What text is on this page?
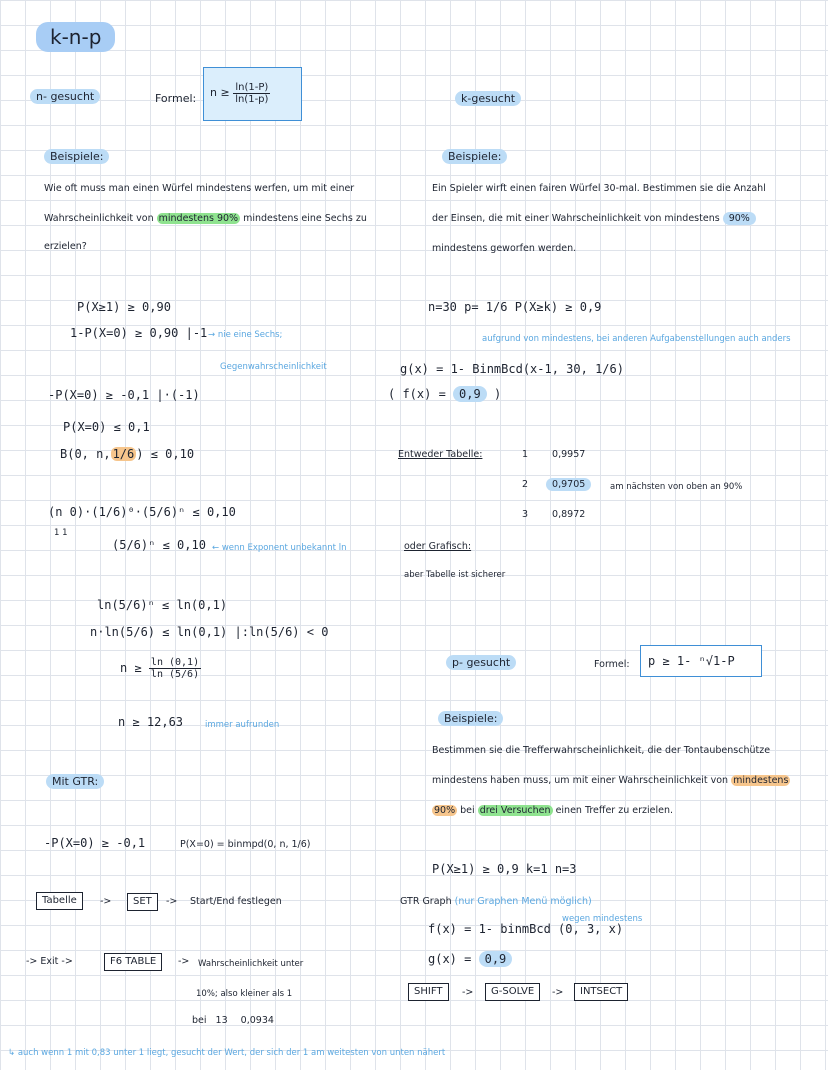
k-n-p
n- gesucht	Formel: $n \ge \frac{\ln(1-P)}{\ln(1-p)}$
Beispiele:
Wie oft muss man einen Würfel mindestens werfen, um mit einer
Wahrscheinlichkeit von mindestens 90% mindestens eine Sechs zu
erzielen?
P(X≥1) ≥ 0,90
1-P(X=0) ≥ 0,90 |-1 → nie eine Sechs;
Gegenwahrscheinlichkeit
-P(X=0) ≥ -0,1 |·(-1)
P(X=0) ≤ 0,1
B(0, n, 1/6 ) ≤ 0,10
(n 0)·(1/6)⁰·(5/6)ⁿ ≤ 0,10
1 1
(5/6)ⁿ ≤ 0,10 ← wenn Exponent unbekannt ln
ln(5/6)ⁿ ≤ ln(0,1)
n·ln(5/6) ≤ ln(0,1) |:ln(5/6) < 0
$n \ge \frac{\ln (0,1)}{\ln (5/6)}$
n ≥ 12,63	immer aufrunden
Mit GTR:
-P(X=0) ≥ -0,1	P(X=0) = binmpd(0, n, 1/6)
Tabelle	->	SET	-> Start/End festlegen
-> Exit ->	F6 TABLE	-> Wahrscheinlichkeit unter
10%; also kleiner als 1
bei 13 0,0934
k-gesucht
Beispiele:
Ein Spieler wirft einen fairen Würfel 30-mal. Bestimmen sie die Anzahl
der Einsen, die mit einer Wahrscheinlichkeit von mindestens 90%
mindestens geworfen werden.
n=30 p= 1/6 P(X≥k) ≥ 0,9
aufgrund von mindestens, bei anderen Aufgabenstellungen auch anders
g(x) = 1- BinmBcd(x-1, 30, 1/6)
( f(x) = 0,9 )
Entweder Tabelle:	1	0,9957
2	0,9705	am nächsten von oben an 90%
3	0,8972
oder Grafisch:
aber Tabelle ist sicherer
p- gesucht	Formel: p ≥ 1- ⁿ√1-P
Beispiele:
Bestimmen sie die Trefferwahrscheinlichkeit, die der Tontaubenschütze
mindestens haben muss, um mit einer Wahrscheinlichkeit von mindestens
90% bei drei Versuchen einen Treffer zu erzielen.
P(X≥1) ≥ 0,9 k=1 n=3
GTR Graph (nur Graphen Menü möglich)
wegen mindestens
f(x) = 1- binmBcd (0, 3, x)
g(x) = 0,9
SHIFT	->	G-SOLVE	->	INTSECT
↳ auch wenn 1 mit 0,83 unter 1 liegt, gesucht der Wert, der sich der 1 am weitesten von unten nähert
